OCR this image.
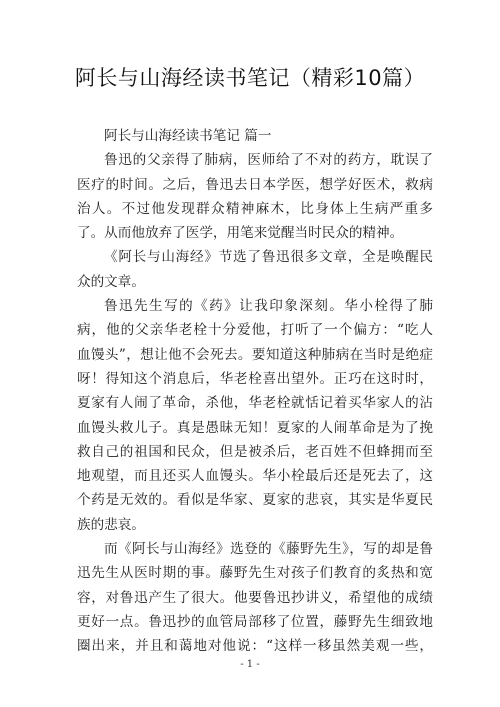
阿长与山海经读书笔记（精彩10篇）
阿长与山海经读书笔记 篇一
鲁迅的父亲得了肺病，医师给了不对的药方，耽误了
医疗的时间。之后，鲁迅去日本学医，想学好医术，救病
治人。不过他发现群众精神麻木，比身体上生病严重多
了。从而他放弃了医学，用笔来觉醒当时民众的精神。
《阿长与山海经》节选了鲁迅很多文章，全是唤醒民
众的文章。
鲁迅先生写的《药》让我印象深刻。华小栓得了肺
病，他的父亲华老栓十分爱他，打听了一个偏方：“吃人
血馒头”，想让他不会死去。要知道这种肺病在当时是绝症
呀！得知这个消息后，华老栓喜出望外。正巧在这时时，
夏家有人闹了革命，杀他，华老栓就恬记着买华家人的沾
血馒头救儿子。真是愚昧无知！夏家的人闹革命是为了挽
救自己的祖国和民众，但是被杀后，老百姓不但蜂拥而至
地观望，而且还买人血馒头。华小栓最后还是死去了，这
个药是无效的。看似是华家、夏家的悲哀，其实是华夏民
族的悲哀。
而《阿长与山海经》选登的《藤野先生》，写的却是鲁
迅先生从医时期的事。藤野先生对孩子们教育的炙热和宽
容，对鲁迅产生了很大。他要鲁迅抄讲义，希望他的成绩
更好一点。鲁迅抄的血管局部移了位置，藤野先生细致地
圈出来，并且和蔼地对他说：“这样一移虽然美观一些，
- 1 -
